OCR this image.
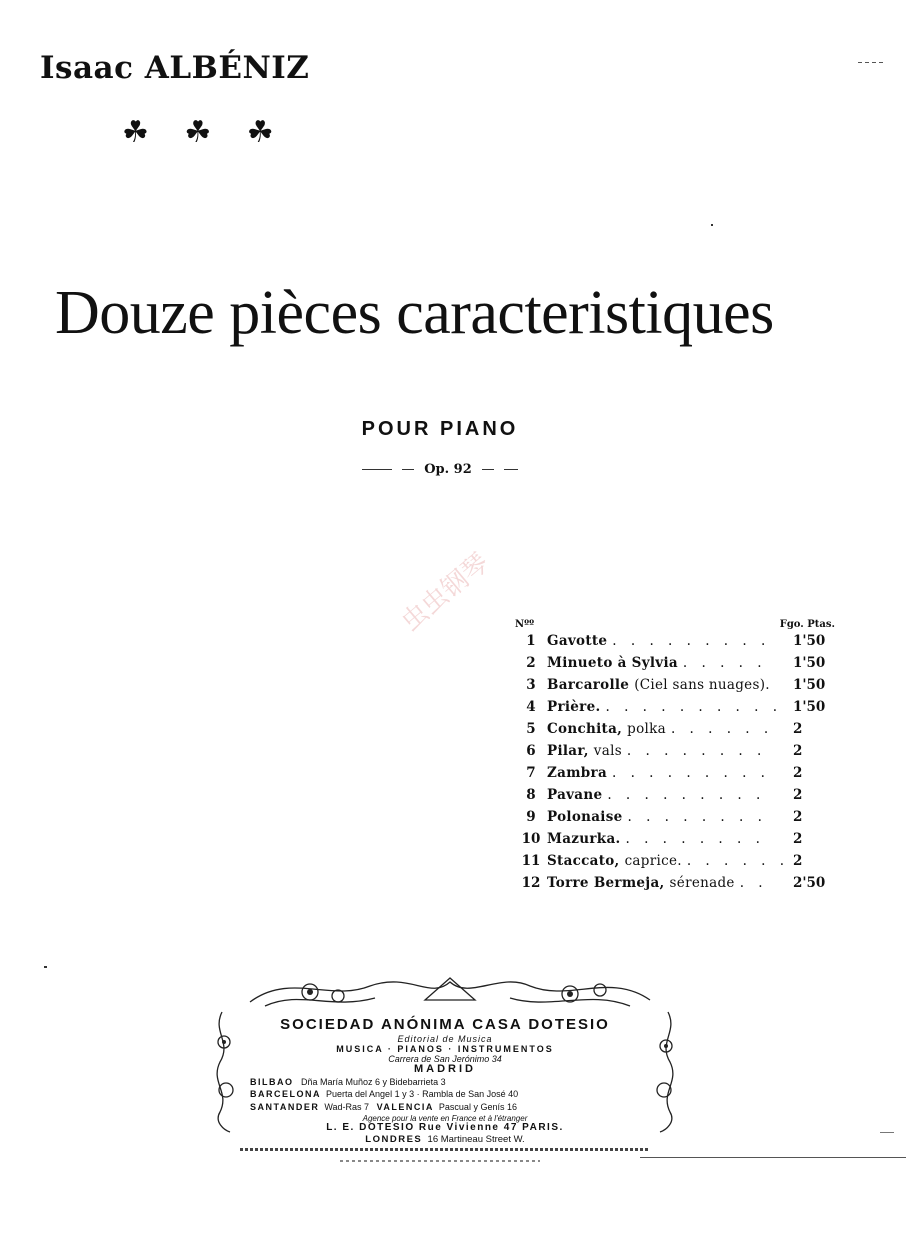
Isaac ALBÉNIZ
☘ ☘ ☘
Douze pièces caracteristiques
POUR PIANO
Op. 92
虫虫钢琴 Nºº	Fgo. Ptas.
1 Gavotte . . . . . . . . .	1'50
2 Minueto à Sylvia . . . . .	1'50
3 Barcarolle (Ciel sans nuages).	1'50
4 Prière. . . . . . . . . . . 1'50
5 Conchita, polka . . . . . .	2
6 Pilar, vals . . . . . . . .	2
7 Zambra . . . . . . . . .	2
8 Pavane . . . . . . . . .	2
9 Polonaise . . . . . . . .	2
10 Mazurka. . . . . . . . .	2
11 Staccato, caprice. . . . . . . 2
12 Torre Bermeja, sérenade . .	2'50
SOCIEDAD ANÓNIMA CASA DOTESIO
Editorial de Musica
MUSICA · PIANOS · INSTRUMENTOS
Carrera de San Jerónimo 34
MADRID
BILBAO Dña María Muñoz 6 y Bidebarrieta 3
BARCELONA Puerta del Angel 1 y 3 · Rambla de San José 40
SANTANDER Wad-Ras 7 VALENCIA Pascual y Genís 16
Agence pour la vente en France et à l'étranger
L. E. DOTESIO Rue Vivienne 47 PARIS.
LONDRES 16 Martineau Street W.
